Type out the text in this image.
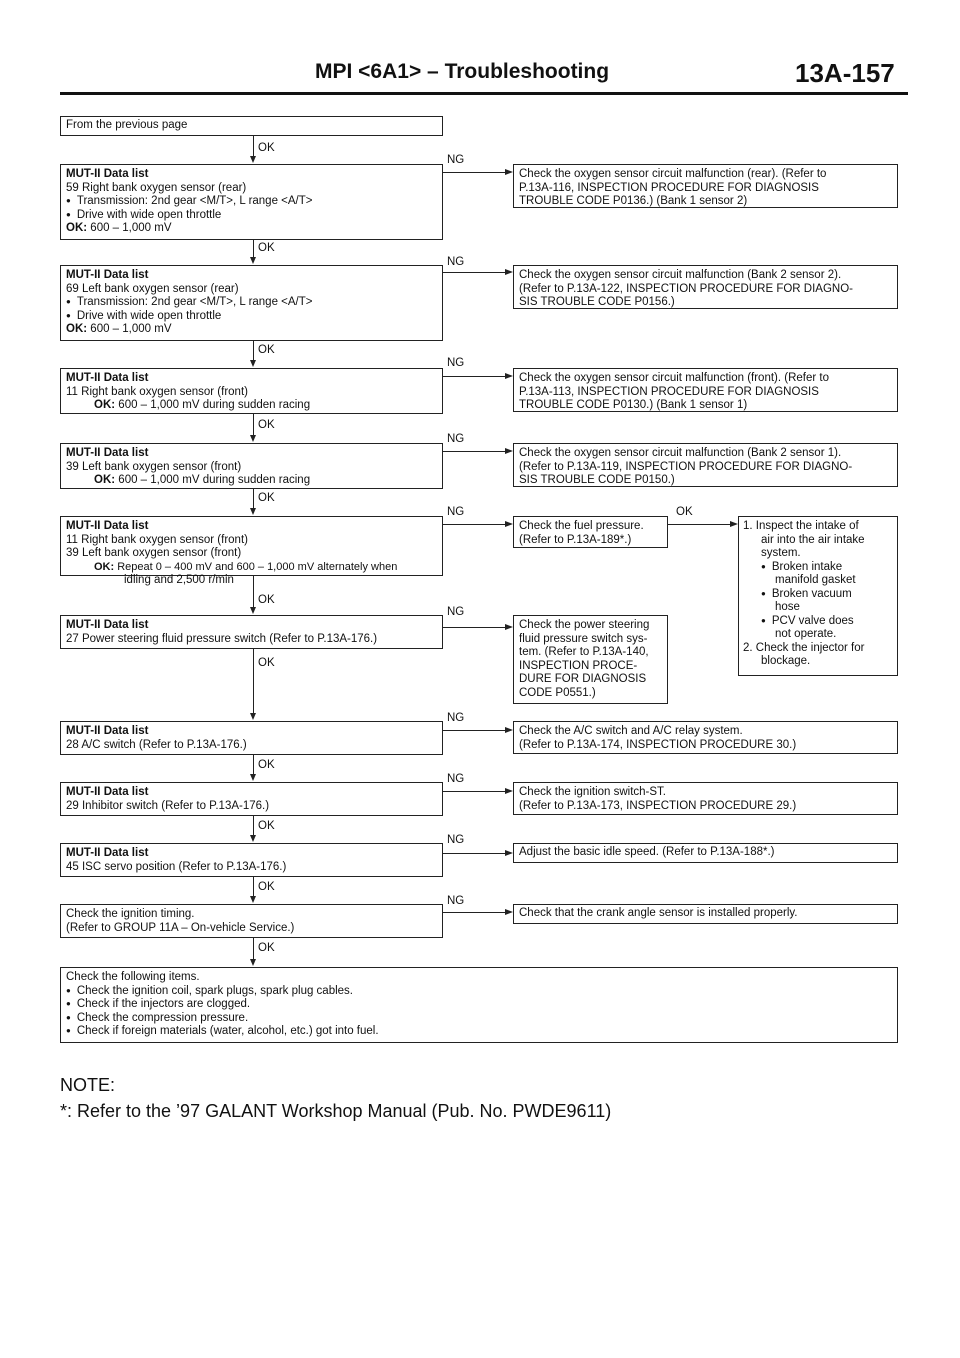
MPI <6A1> – Troubleshooting	13A-157
From the previous page
OK
MUT-II Data list
59 Right bank oxygen sensor (rear)
● Transmission: 2nd gear <M/T>, L range <A/T>
● Drive with wide open throttle
OK: 600 – 1,000 mV
NG
Check the oxygen sensor circuit malfunction (rear). (Refer to
P.13A-116, INSPECTION PROCEDURE FOR DIAGNOSIS
TROUBLE CODE P0136.) (Bank 1 sensor 2)
OK
MUT-II Data list
69 Left bank oxygen sensor (rear)
● Transmission: 2nd gear <M/T>, L range <A/T>
● Drive with wide open throttle
OK: 600 – 1,000 mV
NG
Check the oxygen sensor circuit malfunction (Bank 2 sensor 2).
(Refer to P.13A-122, INSPECTION PROCEDURE FOR DIAGNO-
SIS TROUBLE CODE P0156.)
OK
MUT-II Data list
11 Right bank oxygen sensor (front)
OK: 600 – 1,000 mV during sudden racing
NG
Check the oxygen sensor circuit malfunction (front). (Refer to
P.13A-113, INSPECTION PROCEDURE FOR DIAGNOSIS
TROUBLE CODE P0130.) (Bank 1 sensor 1)
OK
MUT-II Data list
39 Left bank oxygen sensor (front)
OK: 600 – 1,000 mV during sudden racing
NG
Check the oxygen sensor circuit malfunction (Bank 2 sensor 1).
(Refer to P.13A-119, INSPECTION PROCEDURE FOR DIAGNO-
SIS TROUBLE CODE P0150.)
OK
MUT-II Data list
11 Right bank oxygen sensor (front)
39 Left bank oxygen sensor (front)
OK: Repeat 0 – 400 mV and 600 – 1,000 mV alternately when
idling and 2,500 r/min
NG
Check the fuel pressure.
(Refer to P.13A-189*.)
OK
1. Inspect the intake of
air into the air intake
system.
● Broken intake
manifold gasket
● Broken vacuum
hose
● PCV valve does
not operate.
2. Check the injector for
blockage.
OK
MUT-II Data list
27 Power steering fluid pressure switch (Refer to P.13A-176.)
NG
Check the power steering
fluid pressure switch sys-
tem. (Refer to P.13A-140,
INSPECTION PROCE-
DURE FOR DIAGNOSIS
CODE P0551.)
OK
MUT-II Data list
28 A/C switch (Refer to P.13A-176.)
NG
Check the A/C switch and A/C relay system.
(Refer to P.13A-174, INSPECTION PROCEDURE 30.)
OK
MUT-II Data list
29 Inhibitor switch (Refer to P.13A-176.)
NG
Check the ignition switch-ST.
(Refer to P.13A-173, INSPECTION PROCEDURE 29.)
OK
MUT-II Data list
45 ISC servo position (Refer to P.13A-176.)
NG
Adjust the basic idle speed. (Refer to P.13A-188*.)
OK
Check the ignition timing.
(Refer to GROUP 11A – On-vehicle Service.)
NG
Check that the crank angle sensor is installed properly.
OK
Check the following items.
● Check the ignition coil, spark plugs, spark plug cables.
● Check if the injectors are clogged.
● Check the compression pressure.
● Check if foreign materials (water, alcohol, etc.) got into fuel.
NOTE:
*: Refer to the ’97 GALANT Workshop Manual (Pub. No. PWDE9611)
